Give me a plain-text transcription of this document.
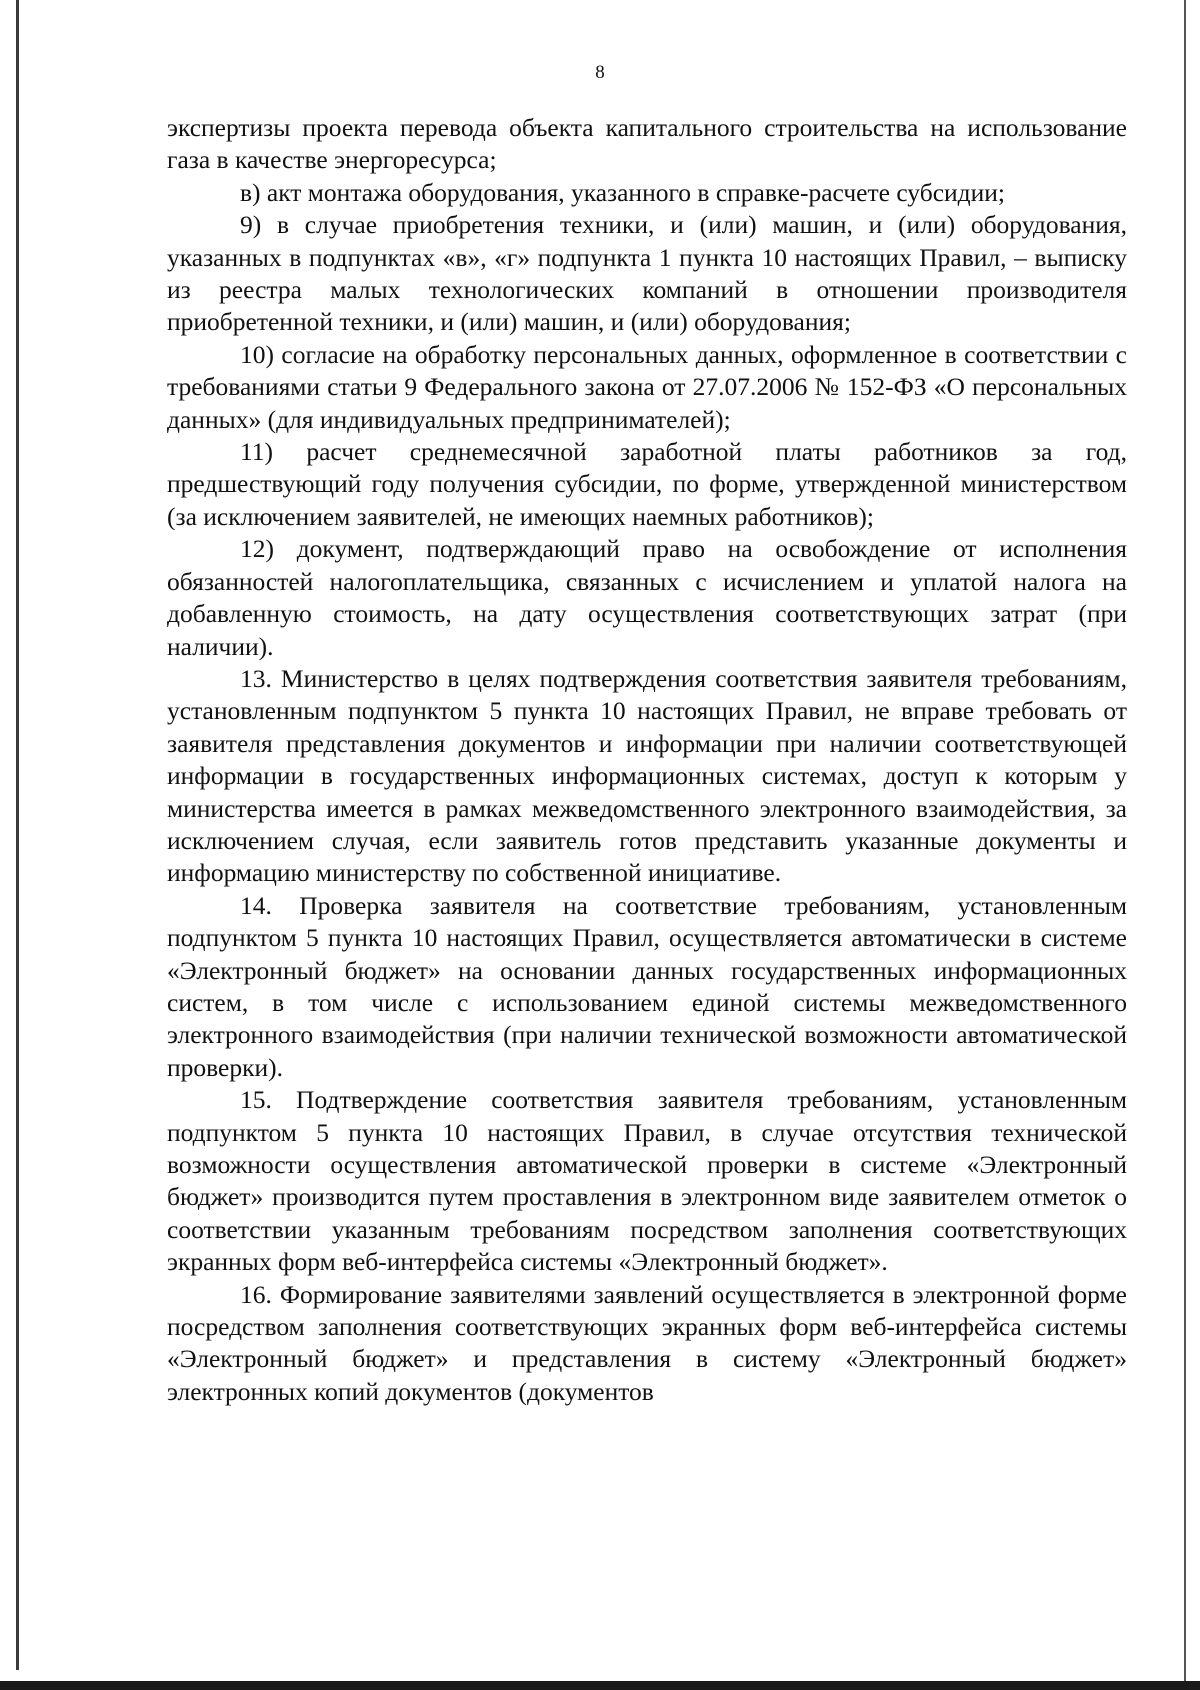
8

экспертизы проекта перевода объекта капитального строительства на использование газа в качестве энергоресурса;

в) акт монтажа оборудования, указанного в справке-расчете субсидии;

9) в случае приобретения техники, и (или) машин, и (или) оборудования, указанных в подпунктах «в», «г» подпункта 1 пункта 10 настоящих Правил, – выписку из реестра малых технологических компаний в отношении производителя приобретенной техники, и (или) машин, и (или) оборудования;

10) согласие на обработку персональных данных, оформленное в соответствии с требованиями статьи 9 Федерального закона от 27.07.2006 № 152-ФЗ «О персональных данных» (для индивидуальных предпринимателей);

11) расчет среднемесячной заработной платы работников за год, предшествующий году получения субсидии, по форме, утвержденной министерством (за исключением заявителей, не имеющих наемных работников);

12) документ, подтверждающий право на освобождение от исполнения обязанностей налогоплательщика, связанных с исчислением и уплатой налога на добавленную стоимость, на дату осуществления соответствующих затрат (при наличии).

13. Министерство в целях подтверждения соответствия заявителя требованиям, установленным подпунктом 5 пункта 10 настоящих Правил, не вправе требовать от заявителя представления документов и информации при наличии соответствующей информации в государственных информационных системах, доступ к которым у министерства имеется в рамках межведомственного электронного взаимодействия, за исключением случая, если заявитель готов представить указанные документы и информацию министерству по собственной инициативе.

14. Проверка заявителя на соответствие требованиям, установленным подпунктом 5 пункта 10 настоящих Правил, осуществляется автоматически в системе «Электронный бюджет» на основании данных государственных информационных систем, в том числе с использованием единой системы межведомственного электронного взаимодействия (при наличии технической возможности автоматической проверки).

15. Подтверждение соответствия заявителя требованиям, установленным подпунктом 5 пункта 10 настоящих Правил, в случае отсутствия технической возможности осуществления автоматической проверки в системе «Электронный бюджет» производится путем проставления в электронном виде заявителем отметок о соответствии указанным требованиям посредством заполнения соответствующих экранных форм веб-интерфейса системы «Электронный бюджет».

16. Формирование заявителями заявлений осуществляется в электронной форме посредством заполнения соответствующих экранных форм веб-интерфейса системы «Электронный бюджет» и представления в систему «Электронный бюджет» электронных копий документов (документов
